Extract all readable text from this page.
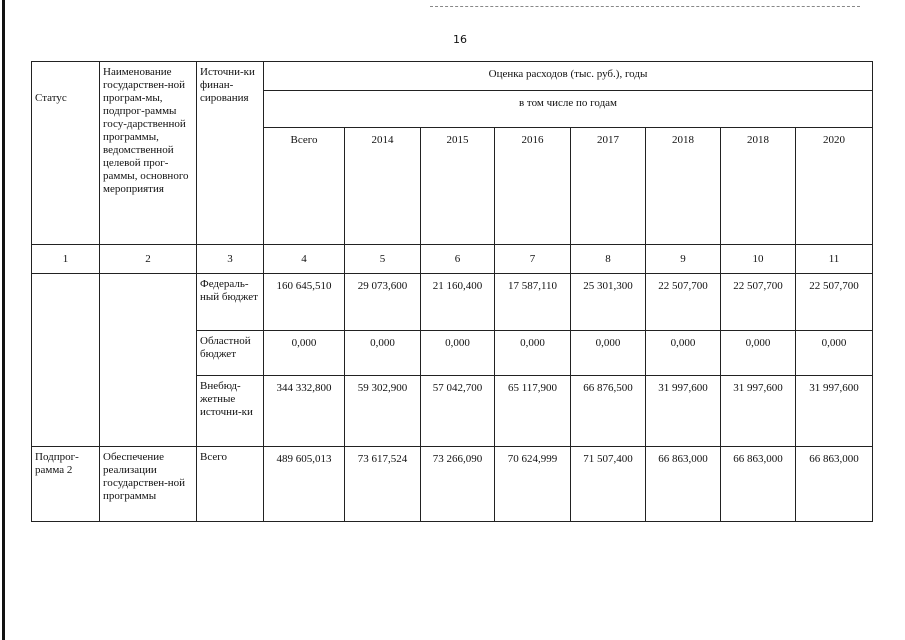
16
Статус	Наименование государствен-ной програм-мы, подпрог-раммы госу-дарственной программы, ведомственной целевой прог-раммы, основного мероприятия	Источни-ки финан-сирования	Оценка расходов (тыс. руб.), годы							
			в том числе по годам							
			Всего	2014	2015	2016	2017	2018	2018	2020
1	2	3	4	5	6	7	8	9	10	11
		Федераль-ный бюджет	160 645,510	29 073,600	21 160,400	17 587,110	25 301,300	22 507,700	22 507,700	22 507,700
		Областной бюджет	0,000	0,000	0,000	0,000	0,000	0,000	0,000	0,000
		Внебюд-жетные источни-ки	344 332,800	59 302,900	57 042,700	65 117,900	66 876,500	31 997,600	31 997,600	31 997,600
Подпрог-рамма 2	Обеспечение реализации государствен-ной программы	Всего	489 605,013	73 617,524	73 266,090	70 624,999	71 507,400	66 863,000	66 863,000	66 863,000
